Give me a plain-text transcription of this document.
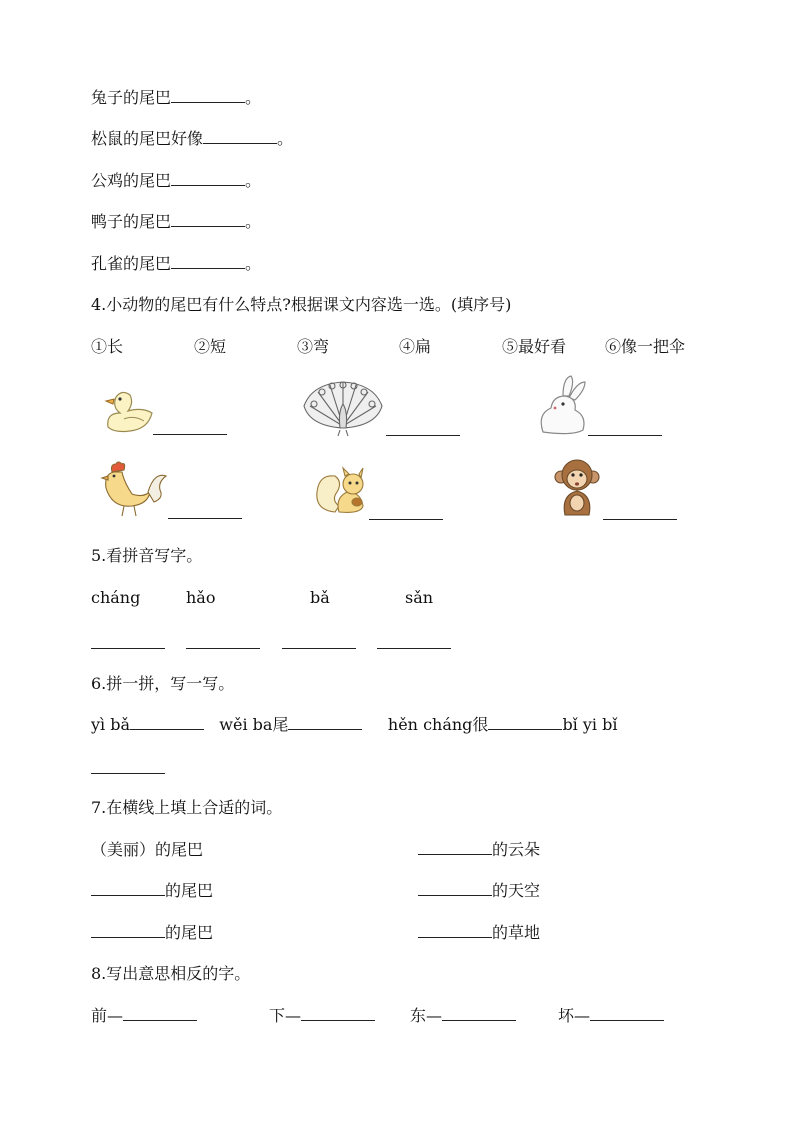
兔子的尾巴	。
松鼠的尾巴好像	。
公鸡的尾巴	。
鸭子的尾巴	。
孔雀的尾巴	。
4.小动物的尾巴有什么特点?根据课文内容选一选。(填序号)
①长	②短	③弯	④扁	⑤最好看 ⑥像一把伞
5.看拼音写字。
cháng	hǎo	bǎ	sǎn
6.拼一拼，写一写。
yì bǎ	wěi ba尾	hěn cháng很	bǐ yi bǐ
7.在横线上填上合适的词。
（美丽）的尾巴	的云朵
的尾巴	的天空
的尾巴	的草地
8.写出意思相反的字。
前—	下—	东—	坏—
